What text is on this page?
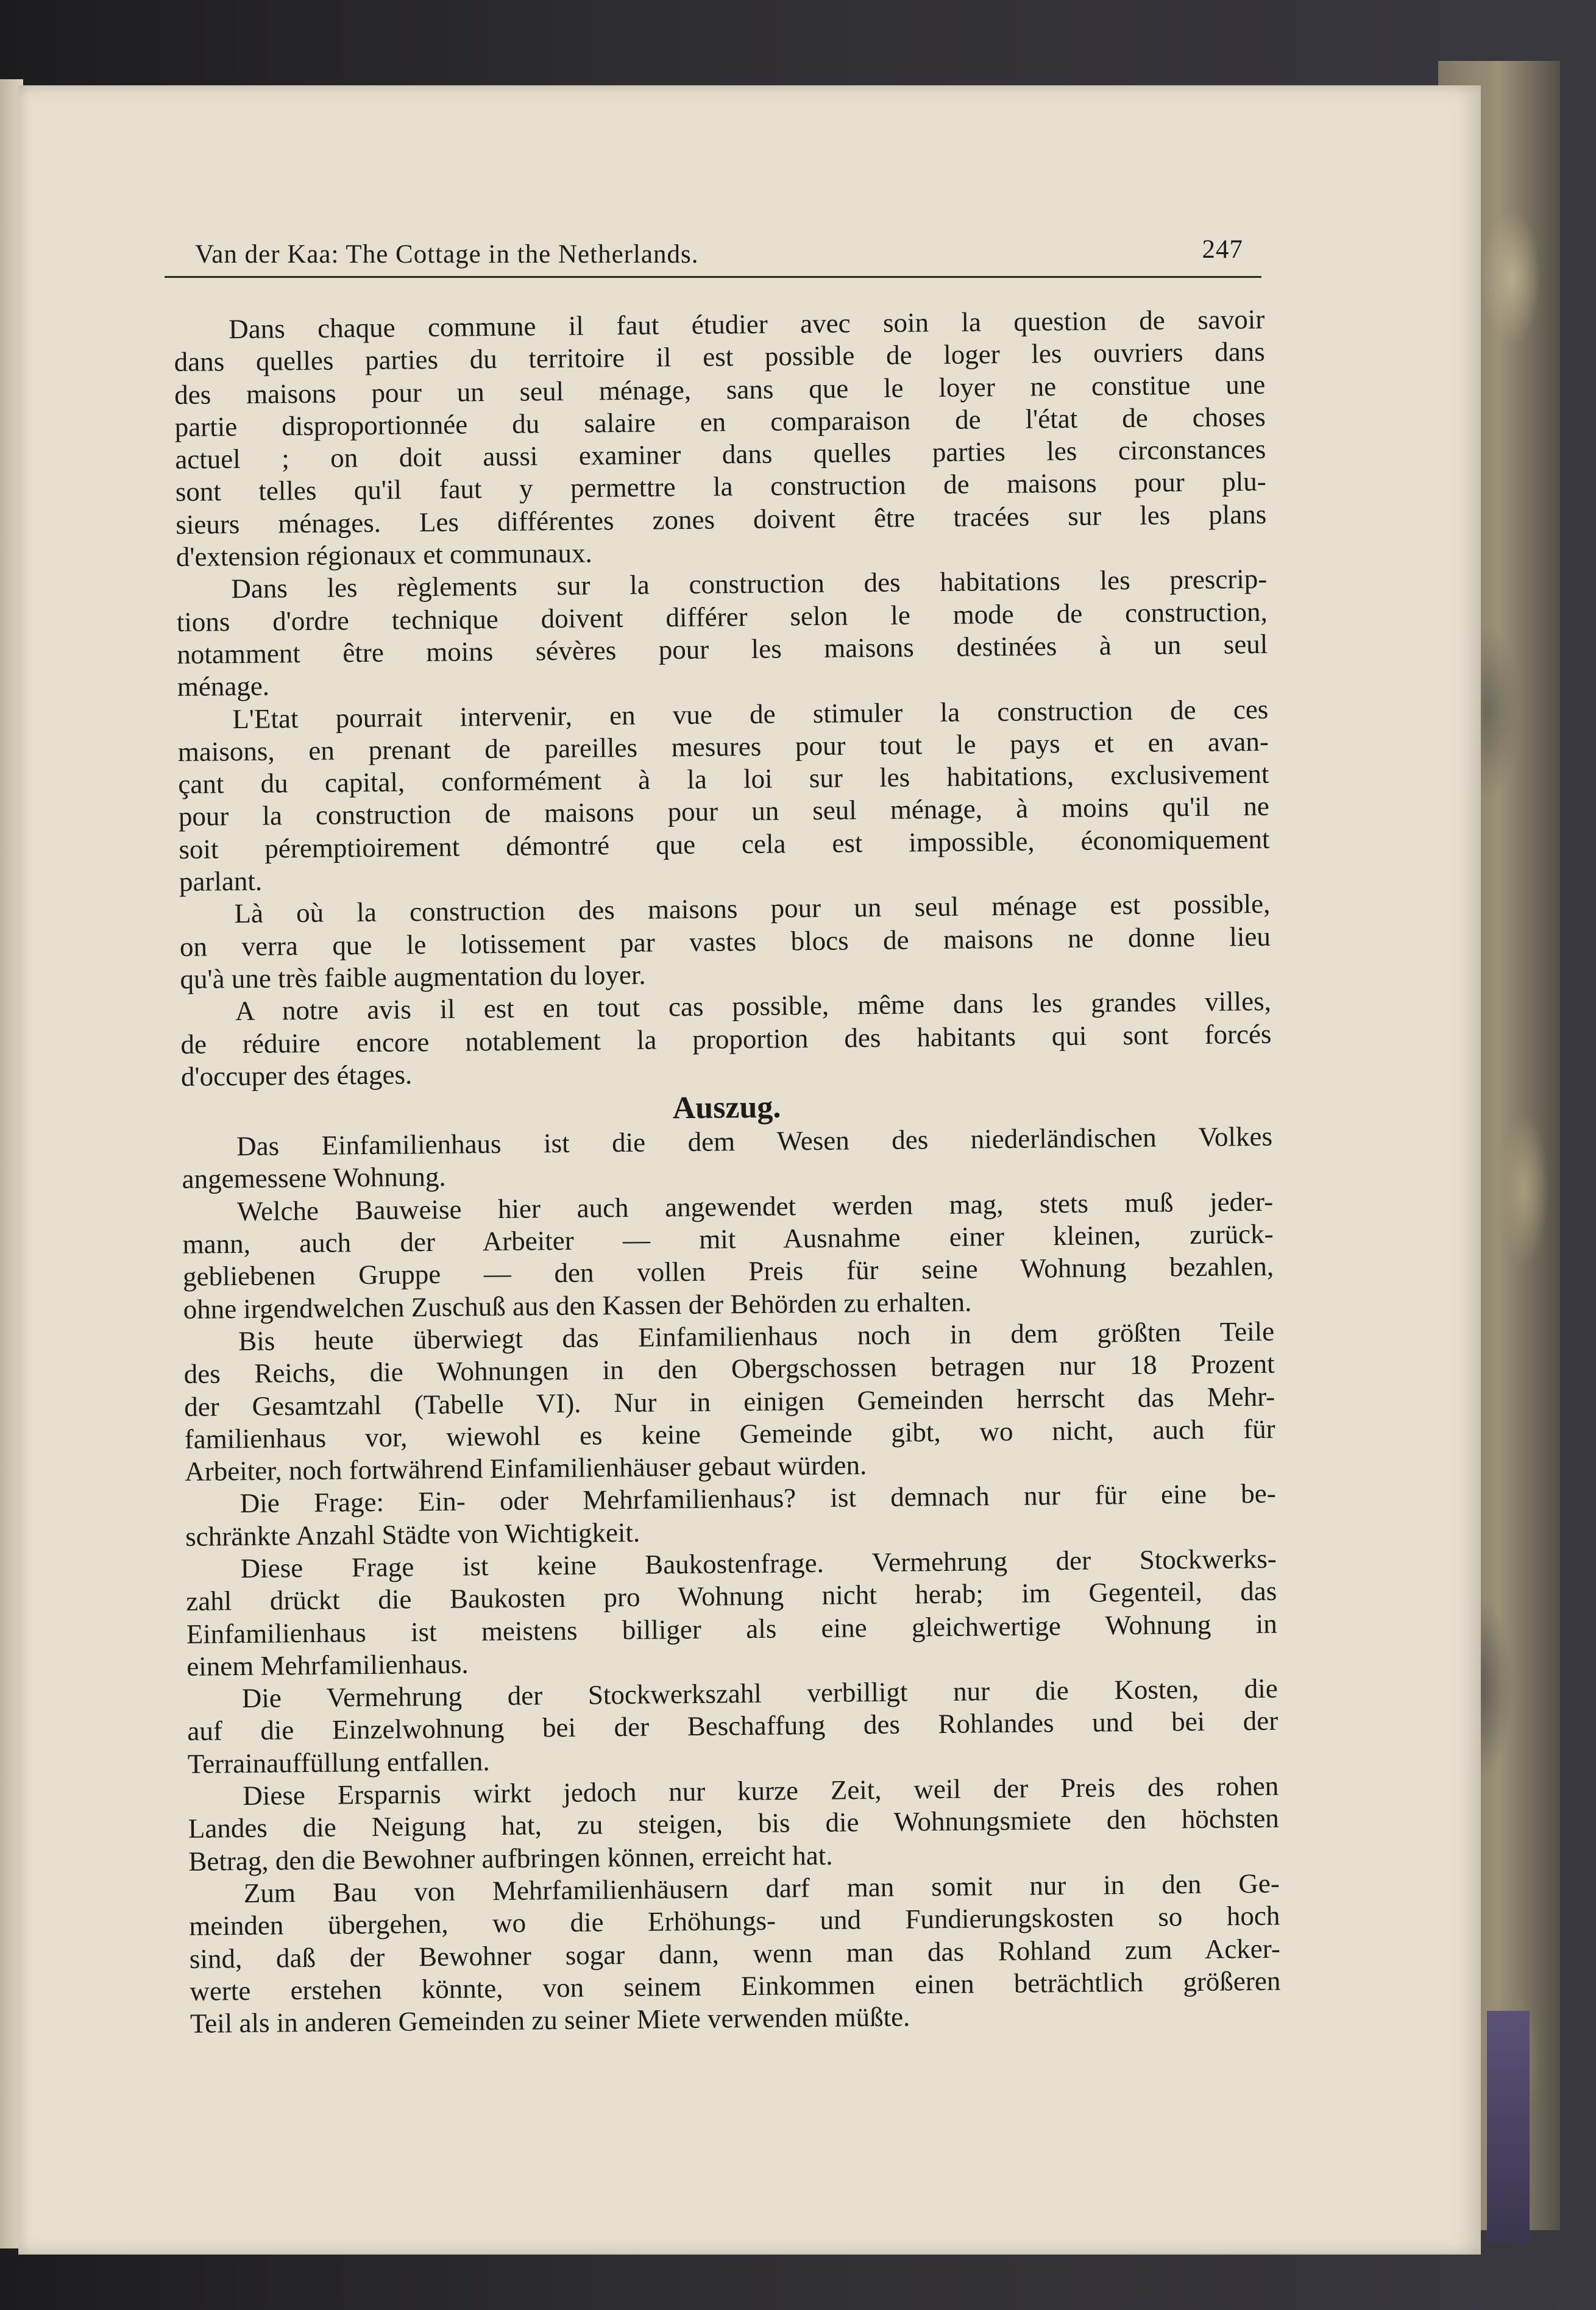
Van der Kaa: The Cottage in the Netherlands.	247
Dans chaque commune il faut étudier avec soin la question de savoir
dans quelles parties du territoire il est possible de loger les ouvriers dans
des maisons pour un seul ménage, sans que le loyer ne constitue une
partie disproportionnée du salaire en comparaison de l'état de choses
actuel ; on doit aussi examiner dans quelles parties les circonstances
sont telles qu'il faut y permettre la construction de maisons pour plu-
sieurs ménages. Les différentes zones doivent être tracées sur les plans
d'extension régionaux et communaux.
Dans les règlements sur la construction des habitations les prescrip-
tions d'ordre technique doivent différer selon le mode de construction,
notamment être moins sévères pour les maisons destinées à un seul
ménage.
L'Etat pourrait intervenir, en vue de stimuler la construction de ces
maisons, en prenant de pareilles mesures pour tout le pays et en avan-
çant du capital, conformément à la loi sur les habitations, exclusivement
pour la construction de maisons pour un seul ménage, à moins qu'il ne
soit péremptioirement démontré que cela est impossible, économiquement
parlant.
Là où la construction des maisons pour un seul ménage est possible,
on verra que le lotissement par vastes blocs de maisons ne donne lieu
qu'à une très faible augmentation du loyer.
A notre avis il est en tout cas possible, même dans les grandes villes,
de réduire encore notablement la proportion des habitants qui sont forcés
d'occuper des étages.
Auszug.
Das Einfamilienhaus ist die dem Wesen des niederländischen Volkes
angemessene Wohnung.
Welche Bauweise hier auch angewendet werden mag, stets muß jeder-
mann, auch der Arbeiter — mit Ausnahme einer kleinen, zurück-
gebliebenen Gruppe — den vollen Preis für seine Wohnung bezahlen,
ohne irgendwelchen Zuschuß aus den Kassen der Behörden zu erhalten.
Bis heute überwiegt das Einfamilienhaus noch in dem größten Teile
des Reichs, die Wohnungen in den Obergschossen betragen nur 18 Prozent
der Gesamtzahl (Tabelle VI). Nur in einigen Gemeinden herrscht das Mehr-
familienhaus vor, wiewohl es keine Gemeinde gibt, wo nicht, auch für
Arbeiter, noch fortwährend Einfamilienhäuser gebaut würden.
Die Frage: Ein- oder Mehrfamilienhaus? ist demnach nur für eine be-
schränkte Anzahl Städte von Wichtigkeit.
Diese Frage ist keine Baukostenfrage. Vermehrung der Stockwerks-
zahl drückt die Baukosten pro Wohnung nicht herab; im Gegenteil, das
Einfamilienhaus ist meistens billiger als eine gleichwertige Wohnung in
einem Mehrfamilienhaus.
Die Vermehrung der Stockwerkszahl verbilligt nur die Kosten, die
auf die Einzelwohnung bei der Beschaffung des Rohlandes und bei der
Terrainauffüllung entfallen.
Diese Ersparnis wirkt jedoch nur kurze Zeit, weil der Preis des rohen
Landes die Neigung hat, zu steigen, bis die Wohnungsmiete den höchsten
Betrag, den die Bewohner aufbringen können, erreicht hat.
Zum Bau von Mehrfamilienhäusern darf man somit nur in den Ge-
meinden übergehen, wo die Erhöhungs- und Fundierungskosten so hoch
sind, daß der Bewohner sogar dann, wenn man das Rohland zum Acker-
werte erstehen könnte, von seinem Einkommen einen beträchtlich größeren
Teil als in anderen Gemeinden zu seiner Miete verwenden müßte.
